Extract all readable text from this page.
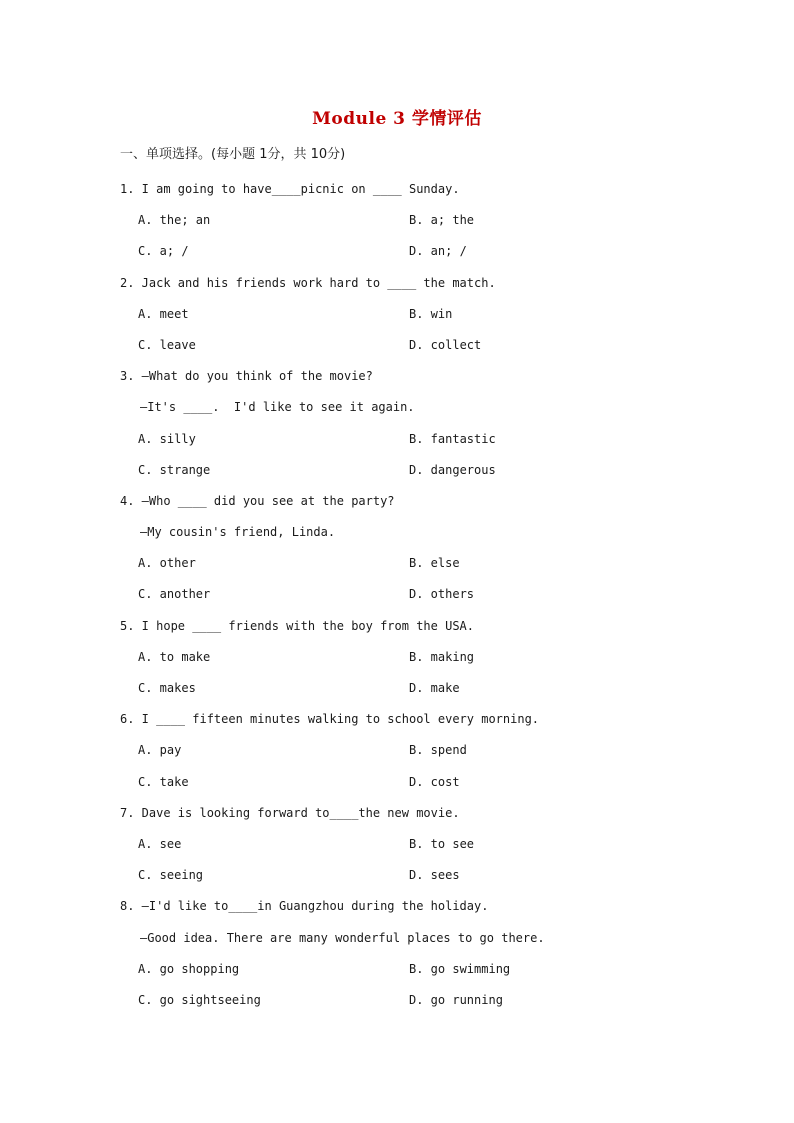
Module 3 学情评估
一、单项选择。(每小题 1分，共 10分)
1. I am going to have____picnic on ____ Sunday.
A. the; an	B. a; the
C. a; /	D. an; /
2. Jack and his friends work hard to ____ the match.
A. meet	B. win
C. leave	D. collect
3. —What do you think of the movie?
—It's ____.  I'd like to see it again.
A. silly	B. fantastic
C. strange	D. dangerous
4. —Who ____ did you see at the party?
—My cousin's friend, Linda.
A. other	B. else
C. another	D. others
5. I hope ____ friends with the boy from the USA.
A. to make	B. making
C. makes	D. make
6. I ____ fifteen minutes walking to school every morning.
A. pay	B. spend
C. take	D. cost
7. Dave is looking forward to____the new movie.
A. see	B. to see
C. seeing	D. sees
8. —I'd like to____in Guangzhou during the holiday.
—Good idea. There are many wonderful places to go there.
A. go shopping	B. go swimming
C. go sightseeing	D. go running
